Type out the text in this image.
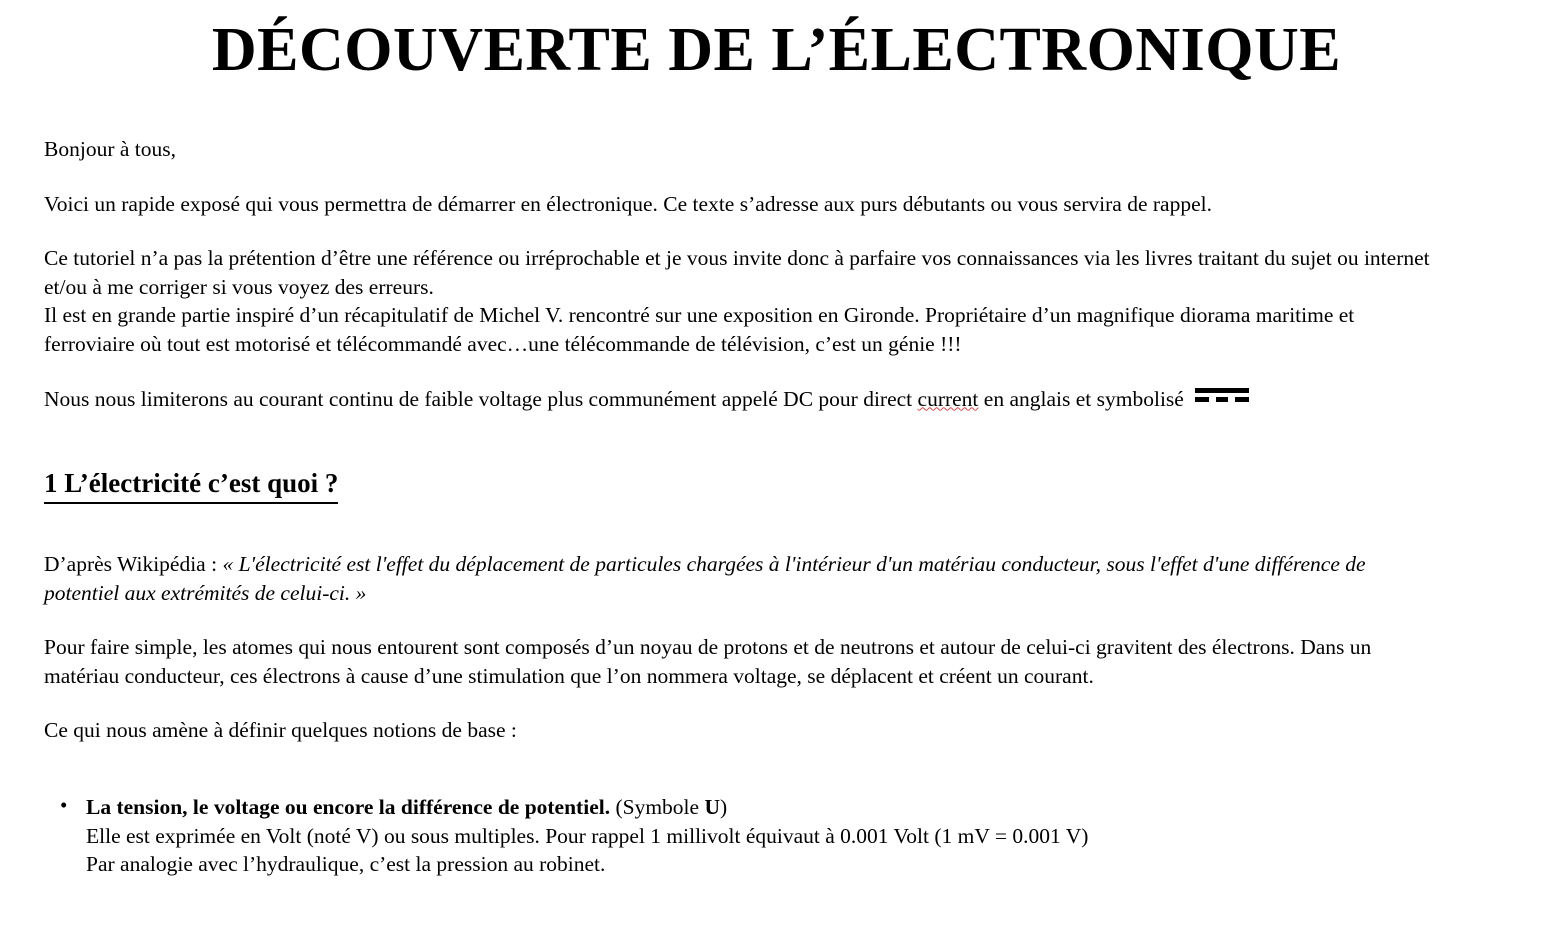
DÉCOUVERTE DE L’ÉLECTRONIQUE

Bonjour à tous,

Voici un rapide exposé qui vous permettra de démarrer en électronique. Ce texte s’adresse aux purs débutants ou vous servira de rappel.

Ce tutoriel n’a pas la prétention d’être une référence ou irréprochable et je vous invite donc à parfaire vos connaissances via les livres traitant du sujet ou internet
et/ou à me corriger si vous voyez des erreurs.

Il est en grande partie inspiré d’un récapitulatif de Michel V. rencontré sur une exposition en Gironde. Propriétaire d’un magnifique diorama maritime et
ferroviaire où tout est motorisé et télécommandé avec…une télécommande de télévision, c’est un génie !!!

Nous nous limiterons au courant continu de faible voltage plus communément appelé DC pour direct current en anglais et symbolisé

1 L’électricité c’est quoi ?

D’après Wikipédia : « L'électricité est l'effet du déplacement de particules chargées à l'intérieur d'un matériau conducteur, sous l'effet d'une différence de
potentiel aux extrémités de celui-ci. »

Pour faire simple, les atomes qui nous entourent sont composés d’un noyau de protons et de neutrons et autour de celui-ci gravitent des électrons. Dans un
matériau conducteur, ces électrons à cause d’une stimulation que l’on nommera voltage, se déplacent et créent un courant.

Ce qui nous amène à définir quelques notions de base :

• La tension, le voltage ou encore la différence de potentiel. (Symbole U)
Elle est exprimée en Volt (noté V) ou sous multiples. Pour rappel 1 millivolt équivaut à 0.001 Volt (1 mV = 0.001 V)
Par analogie avec l’hydraulique, c’est la pression au robinet.
